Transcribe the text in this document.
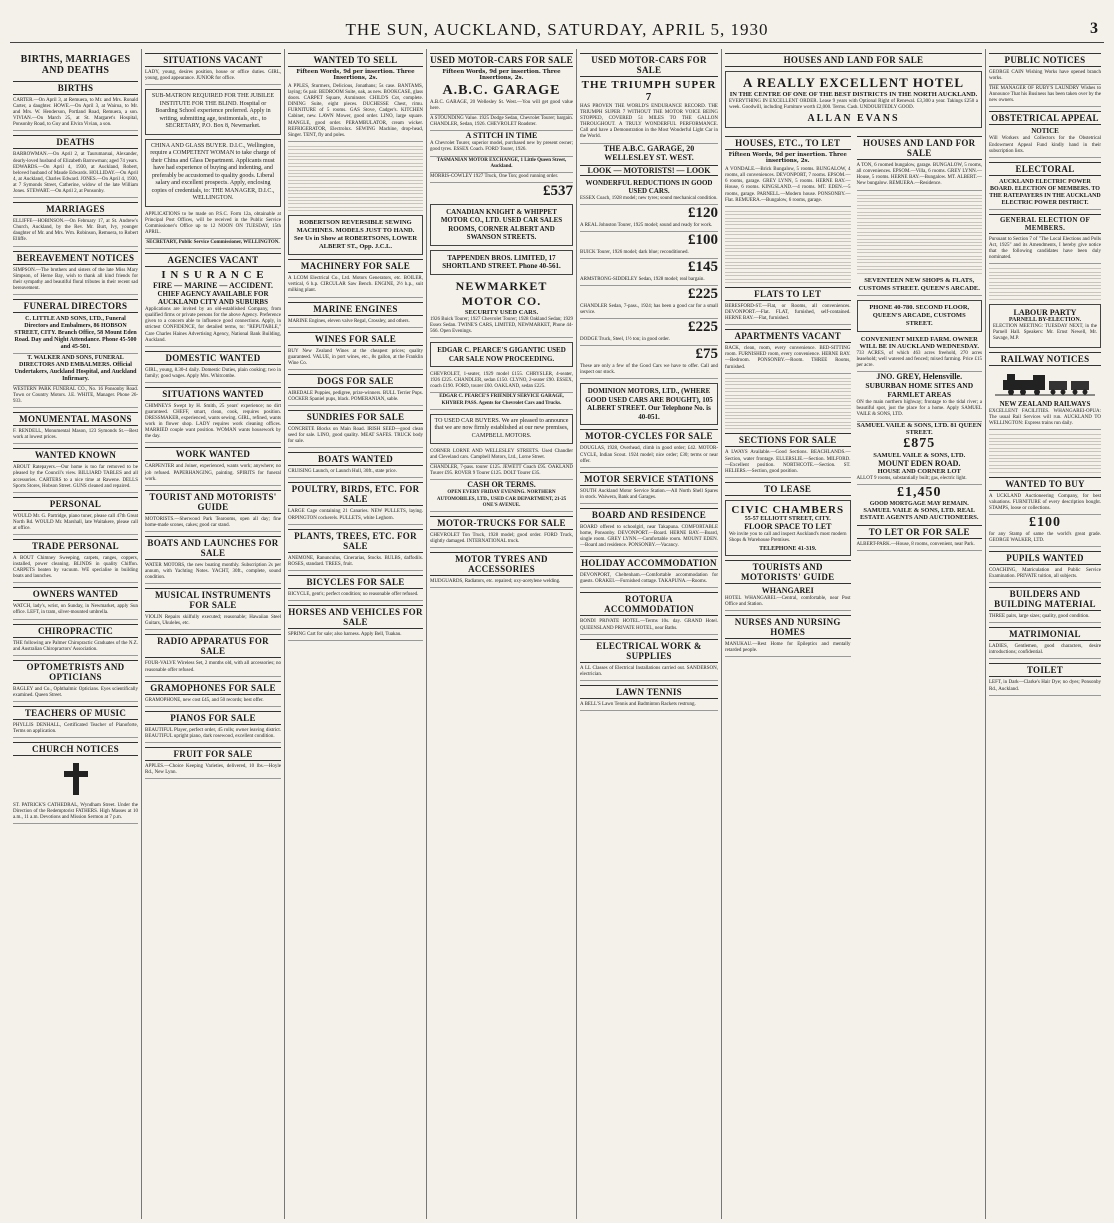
THE SUN, AUCKLAND, SATURDAY, APRIL 5, 1930	3
BIRTHS, MARRIAGES AND DEATHS
BIRTHS
CARTER.—On April 3, at Remuera, to Mr. and Mrs. Ronald Carter, a daughter. HOWE.—On April 3, at Wairoa, to Mr. and Mrs. W. Henderson, Portland Road, Remuera, a son. VIVIAN.—On March 25, at St. Margaret's Hospital, Ponsonby Road, to Guy and Elvira Vivian, a son.
DEATHS
BARROWMAN.—On April 2, at Taurumaruai, Alexander, dearly-loved husband of Elizabeth Barrowman; aged 74 years. EDWARDS.—On April 4, 1930, at Auckland, Robert, beloved husband of Maude Edwards. HOLLIDAY.—On April 4, at Auckland, Charles Edward. JONES.—On April 4, 1930, at 7 Symonds Street, Catherine, widow of the late William Jones. STEWART.—On April 2, at Ponsonby.
MARRIAGES
ELLIFFE—HOBINSON.—On February 17, at St. Andrew's Church, Auckland, by the Rev. Mr. Burt, Ivy, younger daughter of Mr. and Mrs. Wm. Robinson, Remuera, to Robert Elliffe.
BEREAVEMENT NOTICES
SIMPSON.—The brothers and sisters of the late Miss Mary Simpson, of Herne Bay, wish to thank all kind friends for their sympathy and beautiful floral tributes in their recent sad bereavement.
FUNERAL DIRECTORS
C. LITTLE AND SONS, LTD., Funeral Directors and Embalmers, 86 HOBSON STREET, CITY. Branch Office, 58 Mount Eden Road. Day and Night Attendance. Phone 45-500 and 45-501.
T. WALKER AND SONS, FUNERAL DIRECTORS AND EMBALMERS. Official Undertakers, Auckland Hospital, and Auckland Infirmary.
WESTERN PARK FUNERAL CO., No. 16 Ponsonby Road. Town or Country Motors. J.E. WHITE, Manager. Phone 26-933.
MONUMENTAL MASONS
F. RENDELL, Monumental Mason, 123 Symonds St.—Best work at lowest prices.
WANTED KNOWN
ABOUT Ratepayers.—Our home is too far removed to be pleased by the Council's view. BILLIARD TABLES and all accessories. CARTERS to a nice time at Rawene. DELLS Sports Stores, Hobson Street. GUNS cleaned and repaired.
PERSONAL
WOULD Mr. G. Partridge, piano tuner, please call 47th Great North Rd. WOULD Mr. Marshall, late Waitakere, please call at office.
TRADE PERSONAL
A BOUT Chimney Sweeping, carpets, ranges, coppers, installed, power cleaning. BLINDS in quality Chiffon. CARPETS beaten by vacuum. WE specialise in building boats and launches.
OWNERS WANTED
WATCH, lady's, wrist, on Sunday, in Newmarket, apply Sun office. LEFT, in tram, silver-mounted umbrella.
CHIROPRACTIC
THE following are Palmer Chiropractic Graduates of the N.Z. and Australian Chiropractors' Association.
OPTOMETRISTS AND OPTICIANS
BAGLEY and Co., Ophthalmic Opticians. Eyes scientifically examined. Queen Street.
TEACHERS OF MUSIC
PHYLLIS DENHALL, Certificated Teacher of Pianoforte, Terms on application.
CHURCH NOTICES
ST. PATRICK'S CATHEDRAL, Wyndham Street. Under the Direction of the Redemptorist FATHERS. High Masses at 10 a.m., 11 a.m. Devotions and Mission Sermon at 7 p.m.
SITUATIONS VACANT
LADY, young, desires position, house or office duties. GIRL, young, good appearance. JUNIOR for office.
SUB-MATRON REQUIRED FOR THE JUBILEE INSTITUTE FOR THE BLIND. Hospital or Boarding School experience preferred. Apply in writing, submitting age, testimonials, etc., to SECRETARY, P.O. Box 8, Newmarket.
CHINA AND GLASS BUYER. D.I.C., Wellington, require a COMPETENT WOMAN to take charge of their China and Glass Department. Applicants must have had experience of buying and indenting, and preferably be accustomed to quality goods. Liberal salary and excellent prospects. Apply, enclosing copies of credentials, to: THE MANAGER, D.I.C., WELLINGTON.
APPLICATIONS to be made on P.S.C. Form 12a, obtainable at Principal Post Offices, will be received in the Public Service Commissioner's Office up to 12 NOON ON TUESDAY, 15th APRIL.
SECRETARY, Public Service Commissioner, WELLINGTON.
AGENCIES VACANT
I N S U R A N C E
FIRE — MARINE — ACCIDENT.
CHIEF AGENCY AVAILABLE FOR AUCKLAND CITY AND SUBURBS
Applications are invited by an old-established Company, from qualified firms or private persons for the above Agency. Preference given to a concern able to influence good connections. Apply, in strictest CONFIDENCE, for detailed terms, to: "REPUTABLE," Care Charles Haines Advertising Agency, National Bank Building, Auckland.
DOMESTIC WANTED
GIRL, young, 8.30-4 daily. Domestic Duties, plain cooking; two in family; good wages. Apply Mrs. Whitcombe.
SITUATIONS WANTED
CHIMNEYS Swept by H. Smith, 25 years' experience; no dirt guaranteed. CHEFF, smart, clean, cook, requires position. DRESSMAKER, experienced, wants sewing. GIRL, refined, wants work in flower shop. LADY requires work cleaning offices. MARRIED couple want position. WOMAN wants housework by the day.
WORK WANTED
CARPENTER and Joiner, experienced, wants work; anywhere; no job refused. PAPERHANGING, painting. SPIRITS for funeral work.
TOURIST AND MOTORISTS' GUIDE
MOTORISTS.—Sherwood Park Tearooms, open all day; fine home-made scones, cakes; good car stand.
BOATS AND LAUNCHES FOR SALE
WATER MOTORS, the new boating monthly. Subscription 2s per annum, with Yachting Notes. YACHT, 30ft., complete, sound condition.
MUSICAL INSTRUMENTS FOR SALE
VIOLIN Repairs skilfully executed; reasonable; Hawaiian Steel Guitars, Ukuleles, etc.
RADIO APPARATUS FOR SALE
FOUR-VALVE Wireless Set, 2 months old, with all accessories; no reasonable offer refused.
GRAMOPHONES FOR SALE
GRAMOPHONE, new cost £45, and 50 records; best offer.
PIANOS FOR SALE
BEAUTIFUL Player, perfect order, 45 rolls; owner leaving district. BEAUTIFUL upright piano, dark rosewood, excellent condition.
FRUIT FOR SALE
APPLES.—Choice Keeping Varieties, delivered, 10 lbs.—Hoyle Rd., New Lynn.
WANTED TO SELL
Fifteen Words, 9d per insertion. Three Insertions, 2s.
A PPLES, Sturmers, Delicious, Jonathans; 5s case. BANTAMS, laying; 6s pair. BEDROOM Suite, oak, as new. BOOKCASE, glass doors. CARPET Square, Axminster. CHILD'S Cot, complete. DINING Suite, eight pieces. DUCHESSE Chest, rimu. FURNITURE of 5 rooms. GAS Stove, Cadger's. KITCHEN Cabinet, new. LAWN Mower, good order. LINO, large square. MANGLE, good order. PERAMBULATOR, cream wicker. REFRIGERATOR, Electrolux. SEWING Machine, drop-head, Singer. TENT, fly and poles.
ROBERTSON REVERSIBLE SEWING MACHINES. MODELS JUST TO HAND. See Us in Show at ROBERTSONS, LOWER ALBERT ST., Opp. J.C.L.
MACHINERY FOR SALE
A LCOM Electrical Co., Ltd. Motors Generators, etc. BOILER, vertical, 6 h.p. CIRCULAR Saw Bench. ENGINE, 2½ h.p., suit milking plant.
MARINE ENGINES
MARINE Engines, eleven valve Regal, Crossley, and others.
WINES FOR SALE
BUY New Zealand Wines at the cheapest prices; quality guaranteed. VALUE, in port wines, etc., 8s gallon, at the Franklin Wine Co.
DOGS FOR SALE
AIREDALE Puppies, pedigree, prize-winners. BULL Terrier Pups. COCKER Spaniel pups, black. POMERANIAN, sable.
SUNDRIES FOR SALE
CONCRETE Blocks on Main Road. IRISH SEED—good clean seed for sale. LINO, good quality. MEAT SAFES. TRUCK body for sale.
BOATS WANTED
CRUISING Launch, or Launch Hull, 30ft., state price.
POULTRY, BIRDS, ETC. FOR SALE
LARGE Cage containing 21 Canaries. NEW PULLETS, laying. ORPINGTON cockerels. PULLETS, white Leghorn.
PLANTS, TREES, ETC. FOR SALE
ANEMONE, Ranunculus, Cinerarias, Stocks. BULBS, daffodils. ROSES, standard. TREES, fruit.
BICYCLES FOR SALE
BICYCLE, gent's; perfect condition; no reasonable offer refused.
HORSES AND VEHICLES FOR SALE
SPRING Cart for sale; also harness. Apply Bell, Tuakau.
USED MOTOR-CARS FOR SALE
Fifteen Words, 9d per insertion. Three Insertions, 2s.
A.B.C. GARAGE
A.B.C. GARAGE, 20 Wellesley St. West.—You will get good value here.
A STOUNDING Value. 1925 Dodge Sedan, Chevrolet Tourer; bargain. CHANDLER, Sedan, 1926. CHEVROLET Roadster.
A STITCH IN TIME
A Chevrolet Tourer, superior model, purchased new by present owner; good tyres. ESSEX Coach. FORD Tourer, 1926.
TASMANIAN MOTOR EXCHANGE, 1 Little Queen Street, Auckland.
MORRIS-COWLEY 1927 Truck, One Ton; good running order.
£537
CANADIAN KNIGHT & WHIPPET MOTOR CO., LTD. USED CAR SALES ROOMS, CORNER ALBERT AND SWANSON STREETS.
TAPPENDEN BROS. LIMITED, 17 SHORTLAND STREET. Phone 40-561.
NEWMARKET MOTOR CO.
SECURITY USED CARS.
1926 Buick Tourer; 1927 Chevrolet Tourer; 1928 Oakland Sedan; 1929 Essex Sedan. TWINE'S CARS, LIMITED, NEWMARKET, Phone 44-566. Open Evenings.
EDGAR C. PEARCE'S GIGANTIC USED CAR SALE NOW PROCEEDING.
CHEVROLET, 1-seater, 1929 model £155. CHRYSLER, 4-seater, 1926 £225. CHANDLER, sedan £150. CLYNO, 2-seater £90. ESSEX, coach £190. FORD, tourer £60. OAKLAND, sedan £225.
EDGAR C. PEARCE'S FRIENDLY SERVICE GARAGE, KHYBER PASS. Agents for Chevrolet Cars and Trucks.
TO USED CAR BUYERS. We are pleased to announce that we are now firmly established at our new premises, CAMPBELL MOTORS.
CORNER LORNE AND WELLESLEY STREETS. Used Chandler and Cleveland cars. Campbell Motors, Ltd., Lorne Street.
CHANDLER, 7-pass. tourer £125. JEWETT Coach £95. OAKLAND Tourer £95. ROVER 9 Tourer £125. DOLT Tourer £35.
CASH OR TERMS.
OPEN EVERY FRIDAY EVENING. NORTHERN AUTOMOBILES, LTD., USED CAR DEPARTMENT, 21-25 ONE'S AVENUE.
MOTOR-TRUCKS FOR SALE
CHEVROLET Ton Truck, 1928 model; good order. FORD Truck, slightly damaged. INTERNATIONAL truck.
MOTOR TYRES AND ACCESSORIES
MUDGUARDS, Radiators, etc. repaired; oxy-acetylene welding.
USED MOTOR-CARS FOR SALE
THE TRIUMPH SUPER 7
HAS PROVEN THE WORLD'S ENDURANCE RECORD. THE TRIUMPH SUPER 7 WITHOUT THE MOTOR VOICE BEING STOPPED, COVERED 51 MILES TO THE GALLON THROUGHOUT. A TRULY WONDERFUL PERFORMANCE. Call and have a Demonstration in the Most Wonderful Light Car in the World.
THE A.B.C. GARAGE, 20 WELLESLEY ST. WEST.
LOOK — MOTORISTS! — LOOK
WONDERFUL REDUCTIONS IN GOOD USED CARS.
ESSEX Coach, 1928 model; new tyres; sound mechanical condition.
£120
A REAL Johnston Tourer, 1925 model; sound and ready for work.
£100
BUICK Tourer, 1926 model; dark blue; reconditioned.
£145
ARMSTRONG-SIDDELEY Sedan, 1928 model; real bargain.
£225
CHANDLER Sedan, 7-pass., 1924; has been a good car for a small service.
£225
DODGE Truck, Steel, 1½ ton; in good order.
£75
These are only a few of the Good Cars we have to offer. Call and inspect our stock.
DOMINION MOTORS, LTD., (WHERE GOOD USED CARS ARE BOUGHT), 105 ALBERT STREET. Our Telephone No. is 40-051.
MOTOR-CYCLES FOR SALE
DOUGLAS, 1928, Overhead, climb in good order; £42. MOTOR-CYCLE, Indian Scout. 1924 model; nice order; £30; terms or near offer.
MOTOR SERVICE STATIONS
SOUTH Auckland Motor Service Station.—All North Shell Spares in stock. Waiwera, Bank and Garages.
BOARD AND RESIDENCE
BOARD offered to schoolgirl, near Takapuna. COMFORTABLE home, Ponsonby. DEVONPORT.—Board. HERNE BAY.—Board, single room. GREY LYNN.—Comfortable room. MOUNT EDEN.—Board and residence. PONSONBY.—Vacancy.
HOLIDAY ACCOMMODATION
DEVONPORT, Cheltenham.—Comfortable accommodation for guests. ORAKEI.—Furnished cottage. TAKAPUNA.—Rooms.
ROTORUA ACCOMMODATION
BONDI PRIVATE HOTEL.—Terms 10s. day. GRAND Hotel. QUEENSLAND PRIVATE HOTEL, near Baths.
ELECTRICAL WORK & SUPPLIES
A LL Classes of Electrical Installations carried out. SANDERSON, electrician.
LAWN TENNIS
A BELL'S Lawn Tennis and Badminton Rackets restrung.
HOUSES AND LAND FOR SALE
A REALLY EXCELLENT HOTEL
IN THE CENTRE OF ONE OF THE BEST DISTRICTS IN THE NORTH AUCKLAND.
EVERYTHING IN EXCELLENT ORDER. Lease 9 years with Optional Right of Renewal. £3,300 a year. Takings £250 a week. Goodwill, including Furniture worth £2,000. Terms. Cash. UNDOUBTEDLY GOOD.
ALLAN EVANS
HOUSES, ETC., TO LET
Fifteen Words, 9d per insertion. Three insertions, 2s.
A VONDALE.—Brick Bungalow, 5 rooms. BUNGALOW, 4 rooms, all conveniences. DEVONPORT, 7 rooms. EPSOM.—6 rooms, garage. GREY LYNN, 5 rooms. HERNE BAY.—House, 6 rooms. KINGSLAND.—4 rooms. MT. EDEN.—5 rooms, garage. PARNELL.—Modern house. PONSONBY.—Flat. REMUERA.—Bungalow, 6 rooms, garage.
FLATS TO LET
BERESFORD-ST.—Flat, or Rooms, all conveniences. DEVONPORT.—Flat. FLAT, furnished, self-contained. HERNE BAY.—Flat, furnished.
APARTMENTS VACANT
BACK, clean, room, every convenience. BED-SITTING room. FURNISHED room, every convenience. HERNE BAY.—Bedroom. PONSONBY.—Room. THREE Rooms, furnished.
SECTIONS FOR SALE
A LWAYS Available.—Good Sections. BEACHLANDS.—Section, water frontage. ELLERSLIE.—Section. MILFORD.—Excellent position. NORTHCOTE.—Section. ST. HELIERS.—Section, good position.
TO LEASE
CIVIC CHAMBERS
55-57 ELLIOTT STREET, CITY.
FLOOR SPACE TO LET
We invite you to call and inspect Auckland's most modern Shops & Warehouse Premises.
TELEPHONE 41-319.
TOURISTS AND MOTORISTS' GUIDE
WHANGAREI
HOTEL WHANGAREI.—Central, comfortable, near Post Office and Station.
NURSES AND NURSING HOMES
MANUKAU.—Rest Home for Epileptics and mentally retarded people.
HOUSES AND LAND FOR SALE
A TON, 6 roomed bungalow, garage. BUNGALOW, 5 rooms, all conveniences. EPSOM.—Villa, 6 rooms. GREY LYNN.—House, 5 rooms. HERNE BAY.—Bungalow. MT. ALBERT.—New bungalow. REMUERA.—Residence.
SEVENTEEN NEW SHOPS & FLATS, CUSTOMS STREET. QUEEN'S ARCADE.
PHONE 40-780. SECOND FLOOR, QUEEN'S ARCADE, CUSTOMS STREET.
CONVENIENT MIXED FARM. OWNER WILL BE IN AUCKLAND WEDNESDAY.
733 ACRES, of which 463 acres freehold, 270 acres leasehold; well watered and fenced; mixed farming. Price £15 per acre.
JNO. GREY, Helensville.
SUBURBAN HOME SITES AND FARMLET AREAS
ON the main northern highway; frontage to the tidal river; a beautiful spot, just the place for a home. Apply SAMUEL VAILE & SONS, LTD.
SAMUEL VAILE & SONS, LTD. 81 QUEEN STREET.
£875
SAMUEL VAILE & SONS, LTD.
MOUNT EDEN ROAD.
HOUSE AND CORNER LOT
ALLOT 9 rooms, substantially built; gas, electric light.
£1,450
GOOD MORTGAGE MAY REMAIN.
SAMUEL VAILE & SONS, LTD. REAL ESTATE AGENTS AND AUCTIONEERS.
TO LET OR FOR SALE
ALBERT-PARK.—House, 8 rooms, convenient, near Park.
PUBLIC NOTICES
GEORGE CAIN Wishing Works have opened branch works.
THE MANAGER OF RUBY'S LAUNDRY Wishes to Announce That his Business has been taken over by the new owners.
OBSTETRICAL APPEAL
NOTICE
Will Workers and Collectors for the Obstetrical Endowment Appeal Fund kindly hand in their subscription lists.
ELECTORAL
AUCKLAND ELECTRIC POWER BOARD. ELECTION OF MEMBERS. TO THE RATEPAYERS IN THE AUCKLAND ELECTRIC POWER DISTRICT.
GENERAL ELECTION OF MEMBERS.
Pursuant to Section 7 of "The Local Elections and Polls Act, 1925" and its Amendments, I hereby give notice that the following candidates have been duly nominated.
LABOUR PARTY
PARNELL BY-ELECTION.
ELECTION MEETING: TUESDAY NEXT, in the Parnell Hall. Speakers: Mr. Ernst Newell, Mr. Savage, M.P.
RAILWAY NOTICES
NEW ZEALAND RAILWAYS
EXCELLENT FACILITIES. WHANGAREI-OPUA: The usual Rail Services will run. AUCKLAND TO WELLINGTON: Express trains run daily.
WANTED TO BUY
A UCKLAND Auctioneering Company, for best valuations. FURNITURE of every description bought. STAMPS, loose or collections.
£100
for any Stamp of same the world's great grade. GEORGE WALKER, LTD.
PUPILS WANTED
COACHING, Matriculation and Public Service Examination. PRIVATE tuition, all subjects.
BUILDERS AND BUILDING MATERIAL
THREE pairs, large sizes; quality, good condition.
MATRIMONIAL
LADIES, Gentlemen, good characters, desire introductions; confidential.
TOILET
LEFT, in Dark—Clarke's Hair Dye; no dyes; Ponsonby Rd., Auckland.
